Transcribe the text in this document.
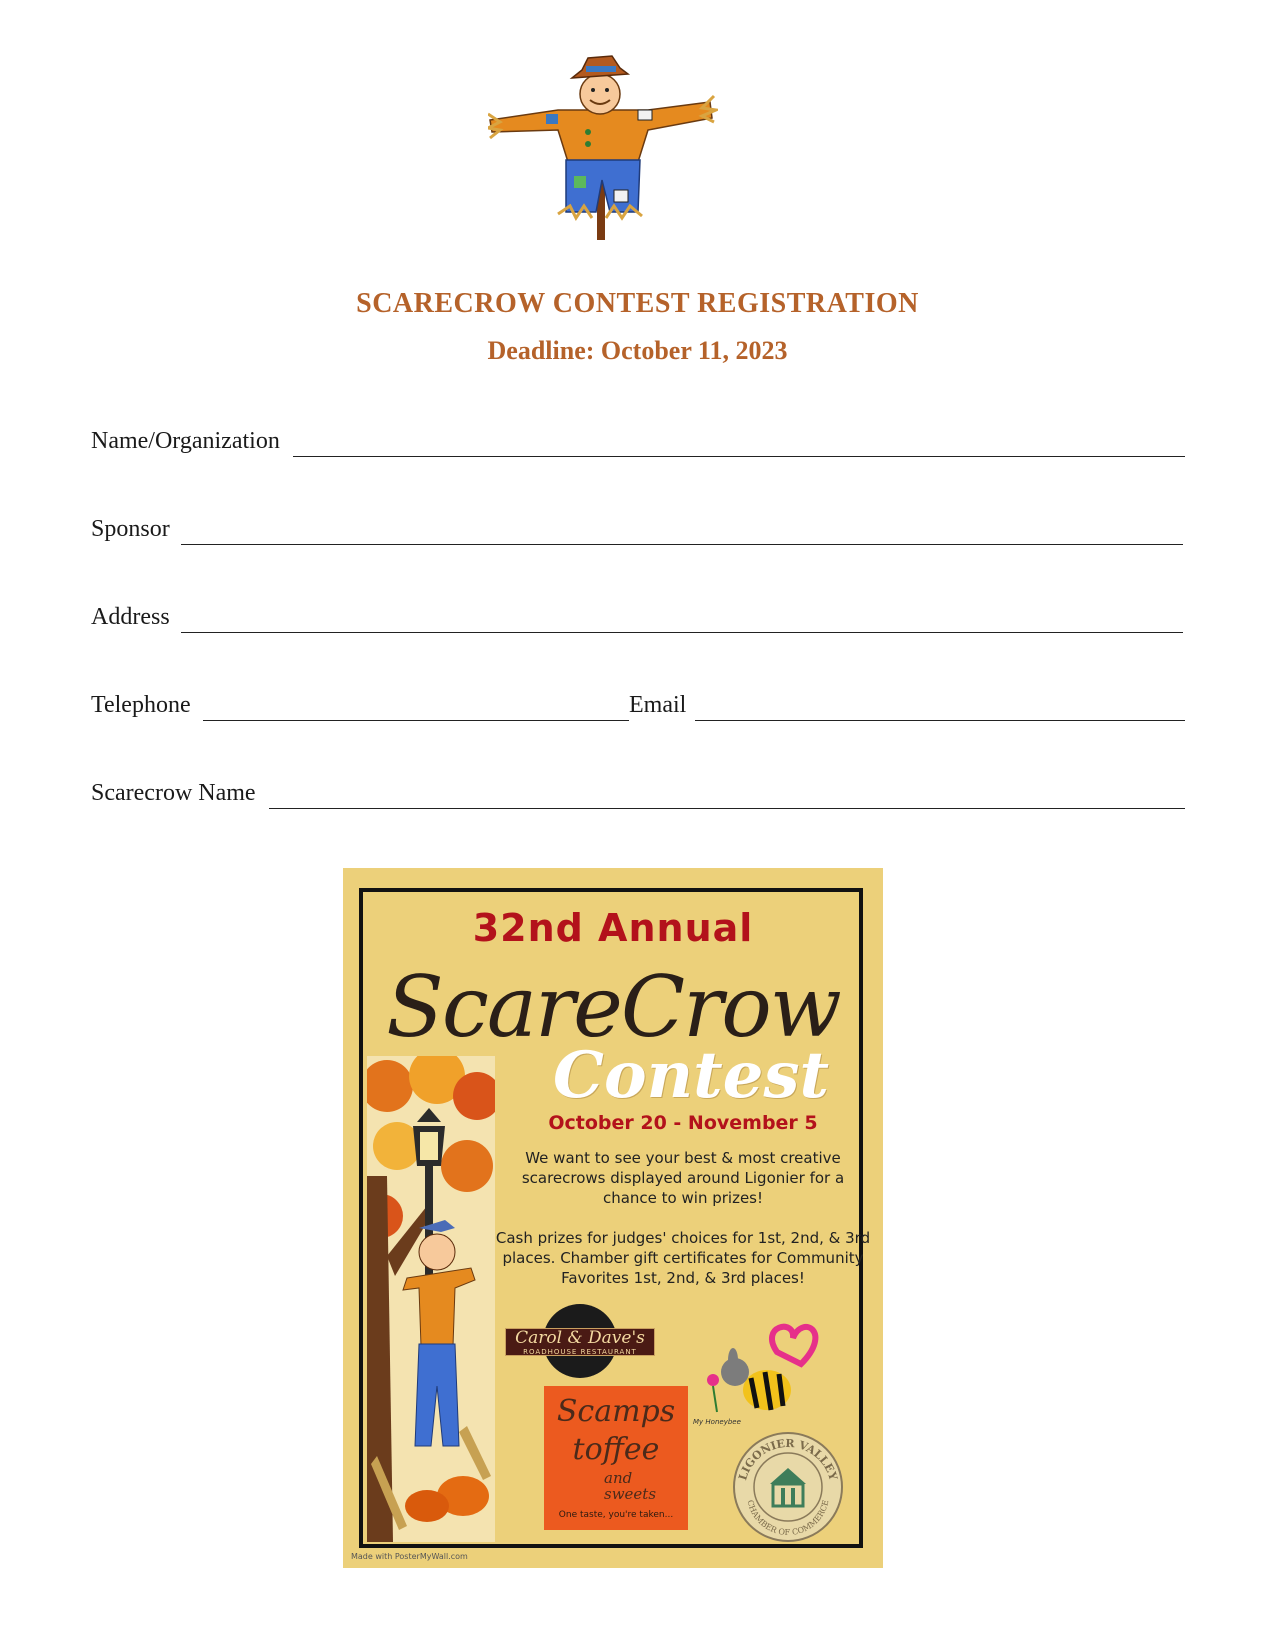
SCARECROW CONTEST REGISTRATION
Deadline: October 11, 2023
Name/Organization
Sponsor
Address
Telephone	Email
Scarecrow Name
32nd Annual
ScareCrow
Contest
October 20 - November 5
We want to see your best & most creative scarecrows displayed around Ligonier for a chance to win prizes!
Cash prizes for judges' choices for 1st, 2nd, & 3rd places. Chamber gift certificates for Community Favorites 1st, 2nd, & 3rd places!
Carol & Dave's
ROADHOUSE RESTAURANT
Scamps
toffee
and sweets
One taste, you're taken...
My Honeybee
LIGONIER VALLEY
CHAMBER OF COMMERCE
Made with PosterMyWall.com
